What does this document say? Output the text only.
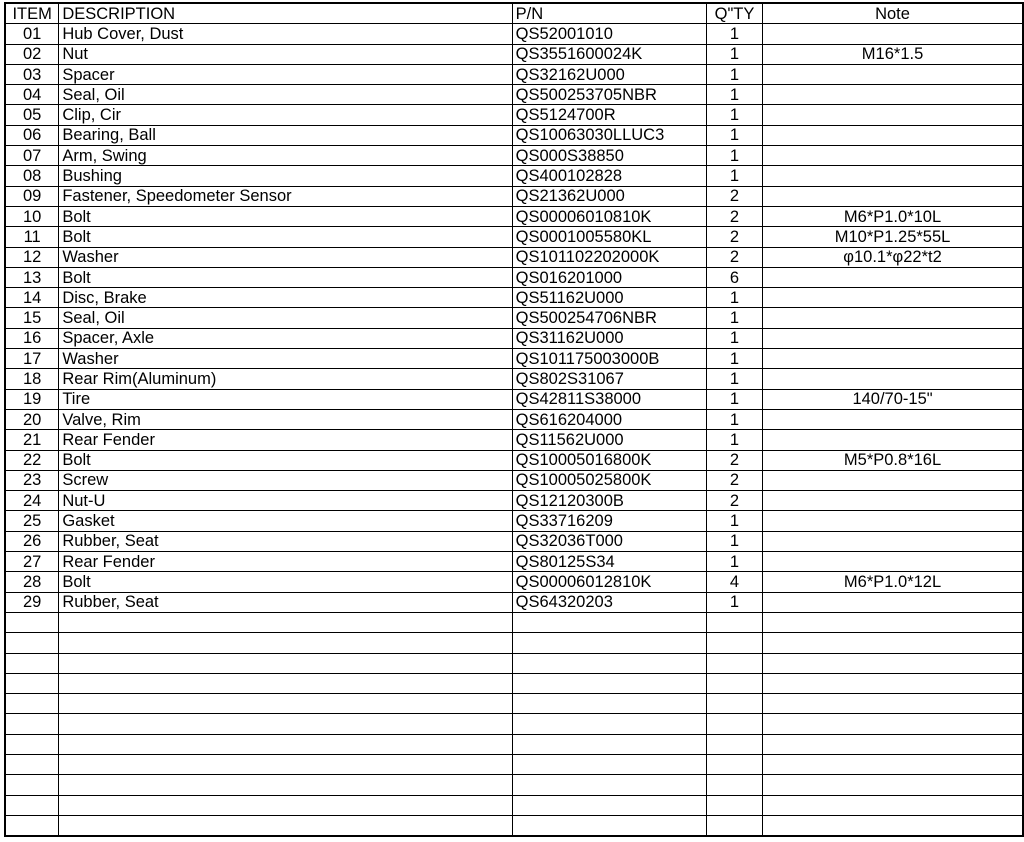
ITEM	DESCRIPTION	P/N	Q"TY	Note
01	Hub Cover, Dust	QS52001010	1	
02	Nut	QS3551600024K	1	M16*1.5
03	Spacer	QS32162U000	1	
04	Seal, Oil	QS500253705NBR	1	
05	Clip, Cir	QS5124700R	1	
06	Bearing, Ball	QS10063030LLUC3	1	
07	Arm, Swing	QS000S38850	1	
08	Bushing	QS400102828	1	
09	Fastener, Speedometer Sensor	QS21362U000	2	
10	Bolt	QS00006010810K	2	M6*P1.0*10L
11	Bolt	QS0001005580KL	2	M10*P1.25*55L
12	Washer	QS101102202000K	2	φ10.1*φ22*t2
13	Bolt	QS016201000	6	
14	Disc, Brake	QS51162U000	1	
15	Seal, Oil	QS500254706NBR	1	
16	Spacer, Axle	QS31162U000	1	
17	Washer	QS101175003000B	1	
18	Rear Rim(Aluminum)	QS802S31067	1	
19	Tire	QS42811S38000	1	140/70-15"
20	Valve, Rim	QS616204000	1	
21	Rear Fender	QS11562U000	1	
22	Bolt	QS10005016800K	2	M5*P0.8*16L
23	Screw	QS10005025800K	2	
24	Nut-U	QS12120300B	2	
25	Gasket	QS33716209	1	
26	Rubber, Seat	QS32036T000	1	
27	Rear Fender	QS80125S34	1	
28	Bolt	QS00006012810K	4	M6*P1.0*12L
29	Rubber, Seat	QS64320203	1	
